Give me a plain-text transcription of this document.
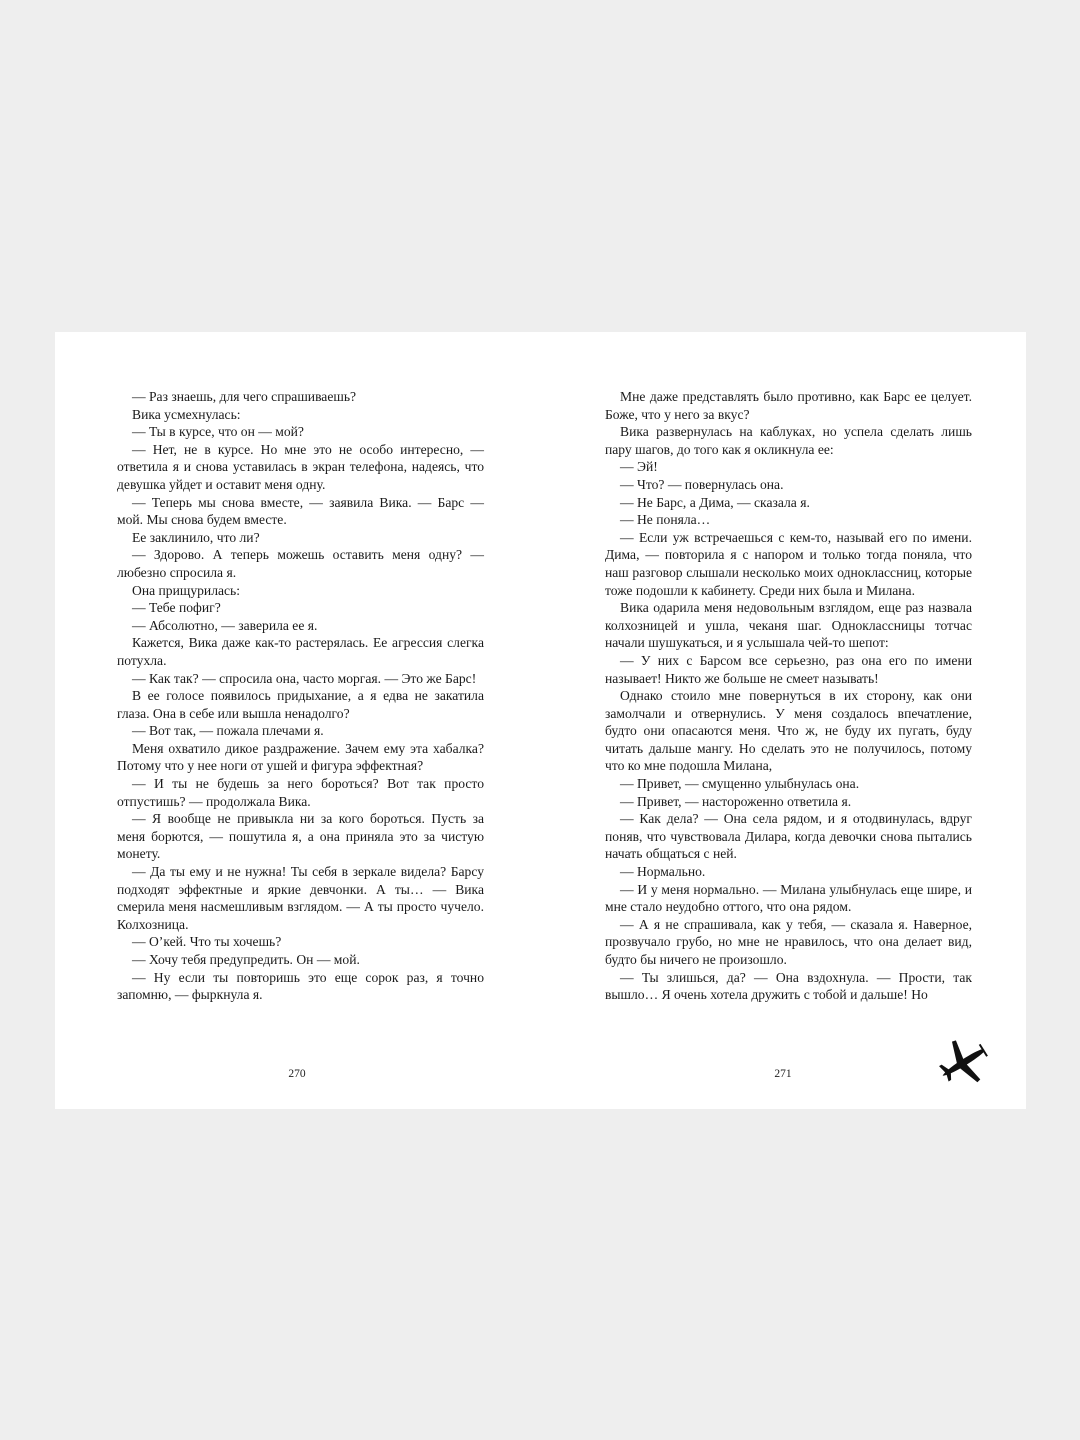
— Раз знаешь, для чего спрашиваешь?

Вика усмехнулась:

— Ты в курсе, что он — мой?

— Нет, не в курсе. Но мне это не особо интересно, — ответила я и снова уставилась в экран телефона, надеясь, что девушка уйдет и оставит меня одну.

— Теперь мы снова вместе, — заявила Вика. — Барс — мой. Мы снова будем вместе.

Ее заклинило, что ли?

— Здорово. А теперь можешь оставить меня одну? — любезно спросила я.

Она прищурилась:

— Тебе пофиг?

— Абсолютно, — заверила ее я.

Кажется, Вика даже как-то растерялась. Ее агрессия слегка потухла.

— Как так? — спросила она, часто моргая. — Это же Барс!

В ее голосе появилось придыхание, а я едва не закатила глаза. Она в себе или вышла ненадолго?

— Вот так, — пожала плечами я.

Меня охватило дикое раздражение. Зачем ему эта хабалка? Потому что у нее ноги от ушей и фигура эффектная?

— И ты не будешь за него бороться? Вот так просто отпустишь? — продолжала Вика.

— Я вообще не привыкла ни за кого бороться. Пусть за меня борются, — пошутила я, а она приняла это за чистую монету.

— Да ты ему и не нужна! Ты себя в зеркале видела? Барсу подходят эффектные и яркие девчонки. А ты… — Вика смерила меня насмешливым взглядом. — А ты просто чучело. Колхозница.

— О’кей. Что ты хочешь?

— Хочу тебя предупредить. Он — мой.

— Ну если ты повторишь это еще сорок раз, я точно запомню, — фыркнула я.

270

Мне даже представлять было противно, как Барс ее целует. Боже, что у него за вкус?

Вика развернулась на каблуках, но успела сделать лишь пару шагов, до того как я окликнула ее:

— Эй!

— Что? — повернулась она.

— Не Барс, а Дима, — сказала я.

— Не поняла…

— Если уж встречаешься с кем-то, называй его по имени. Дима, — повторила я с напором и только тогда поняла, что наш разговор слышали несколько моих одноклассниц, которые тоже подошли к кабинету. Среди них была и Милана.

Вика одарила меня недовольным взглядом, еще раз назвала колхозницей и ушла, чеканя шаг. Одноклассницы тотчас начали шушукаться, и я услышала чей-то шепот:

— У них с Барсом все серьезно, раз она его по имени называет! Никто же больше не смеет называть!

Однако стоило мне повернуться в их сторону, как они замолчали и отвернулись. У меня создалось впечатление, будто они опасаются меня. Что ж, не буду их пугать, буду читать дальше мангу. Но сделать это не получилось, потому что ко мне подошла Милана,

— Привет, — смущенно улыбнулась она.

— Привет, — настороженно ответила я.

— Как дела? — Она села рядом, и я отодвинулась, вдруг поняв, что чувствовала Дилара, когда девочки снова пытались начать общаться с ней.

— Нормально.

— И у меня нормально. — Милана улыбнулась еще шире, и мне стало неудобно оттого, что она рядом.

— А я не спрашивала, как у тебя, — сказала я. Наверное, прозвучало грубо, но мне не нравилось, что она делает вид, будто бы ничего не произошло.

— Ты злишься, да? — Она вздохнула. — Прости, так вышло… Я очень хотела дружить с тобой и дальше! Но

271
